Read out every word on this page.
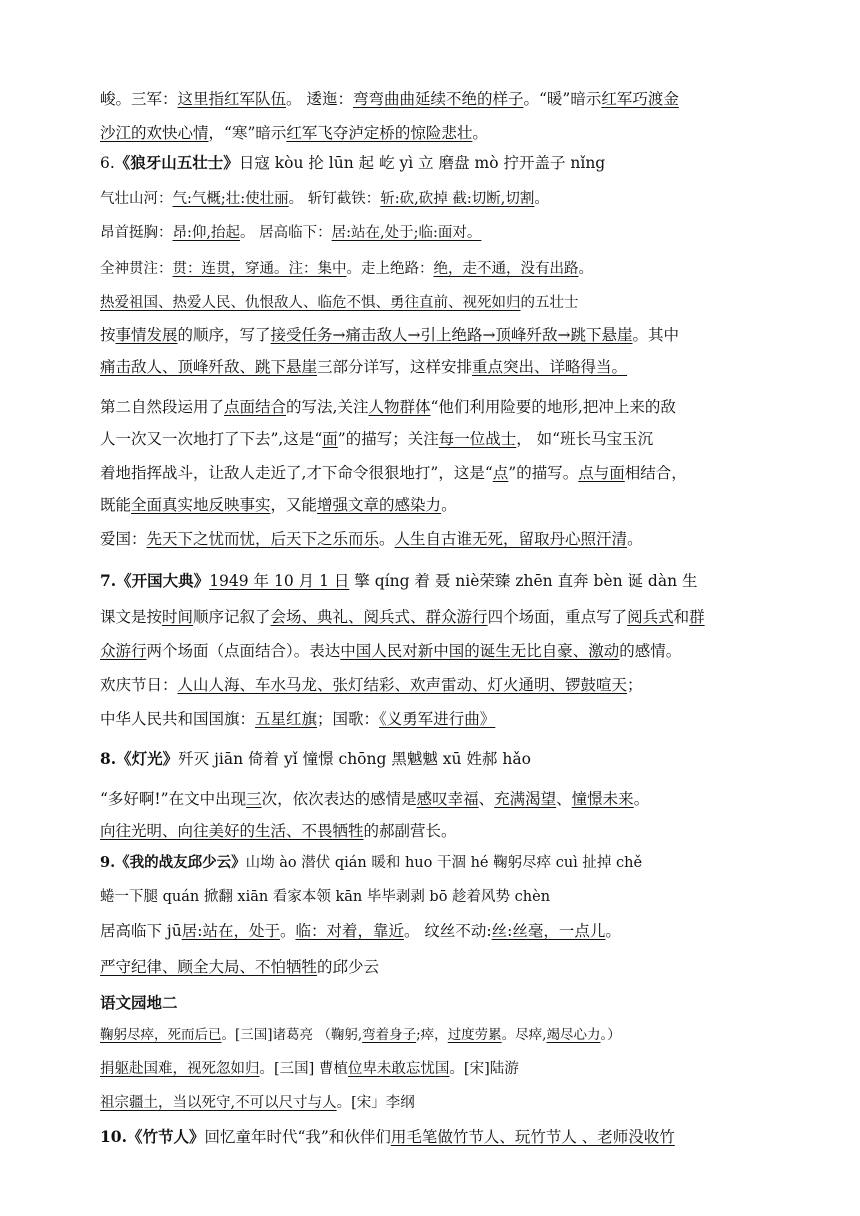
峻。三军：这里指红军队伍。 逶迤：弯弯曲曲延续不绝的样子。“暖”暗示红军巧渡金
沙江的欢快心情，“寒”暗示红军飞夺泸定桥的惊险悲壮。
6.《狼牙山五壮士》日寇 kòu 抡 lūn 起 屹 yì 立 磨盘 mò 拧开盖子 nǐng
气壮山河：气:气概;壮:使壮丽。 斩钉截铁：斩:砍,砍掉 截:切断,切割。
昂首挺胸：昂:仰,抬起。 居高临下：居:站在,处于;临:面对。
全神贯注：贯：连贯，穿通。注：集中。走上绝路：绝，走不通，没有出路。
热爱祖国、热爱人民、仇恨敌人、临危不惧、勇往直前、视死如归的五壮士
按事情发展的顺序，写了接受任务→痛击敌人→引上绝路→顶峰歼敌→跳下悬崖。其中
痛击敌人、顶峰歼敌、跳下悬崖三部分详写，这样安排重点突出、详略得当。
第二自然段运用了点面结合的写法,关注人物群体“他们利用险要的地形,把冲上来的敌
人一次又一次地打了下去”,这是“面”的描写；关注每一位战士， 如“班长马宝玉沉
着地指挥战斗，让敌人走近了,才下命令很狠地打”，这是“点”的描写。点与面相结合，
既能全面真实地反映事实，又能增强文章的感染力。
爱国：先天下之忧而忧，后天下之乐而乐。人生自古谁无死，留取丹心照汗清。
7.《开国大典》1949 年 10 月 1 日 擎 qíng 着 聂 niè荣臻 zhēn 直奔 bèn 诞 dàn 生
课文是按时间顺序记叙了会场、典礼、阅兵式、群众游行四个场面，重点写了阅兵式和群
众游行两个场面（点面结合）。表达中国人民对新中国的诞生无比自豪、激动的感情。
欢庆节日：人山人海、车水马龙、张灯结彩、欢声雷动、灯火通明、锣鼓喧天；
中华人民共和国国旗：五星红旗；国歌：《义勇军进行曲》
8.《灯光》歼灭 jiān 倚着 yǐ 憧憬 chōng 黑魆魆 xū 姓郝 hǎo
“多好啊!”在文中出现三次，依次表达的感情是感叹幸福、充满渴望、憧憬未来。
向往光明、向往美好的生活、不畏牺牲的郝副营长。
9.《我的战友邱少云》山坳 ào 潜伏 qián 暖和 huo 干涸 hé 鞠躬尽瘁 cuì 扯掉 chě
蜷一下腿 quán 掀翻 xiān 看家本领 kān 毕毕剥剥 bō 趁着风势 chèn
居高临下 jū居:站在，处于。临：对着，靠近。 纹丝不动:丝:丝毫，一点儿。
严守纪律、顾全大局、不怕牺牲的邱少云
语文园地二
鞠躬尽瘁，死而后已。[三国]诸葛亮 （鞠躬,弯着身子;瘁，过度劳累。尽瘁,竭尽心力。）
捐躯赴国难，视死忽如归。[三国] 曹植位卑未敢忘忧国。[宋]陆游
祖宗疆土，当以死守,不可以尺寸与人。[宋」李纲
10.《竹节人》回忆童年时代“我”和伙伴们用毛笔做竹节人、玩竹节人 、老师没收竹
